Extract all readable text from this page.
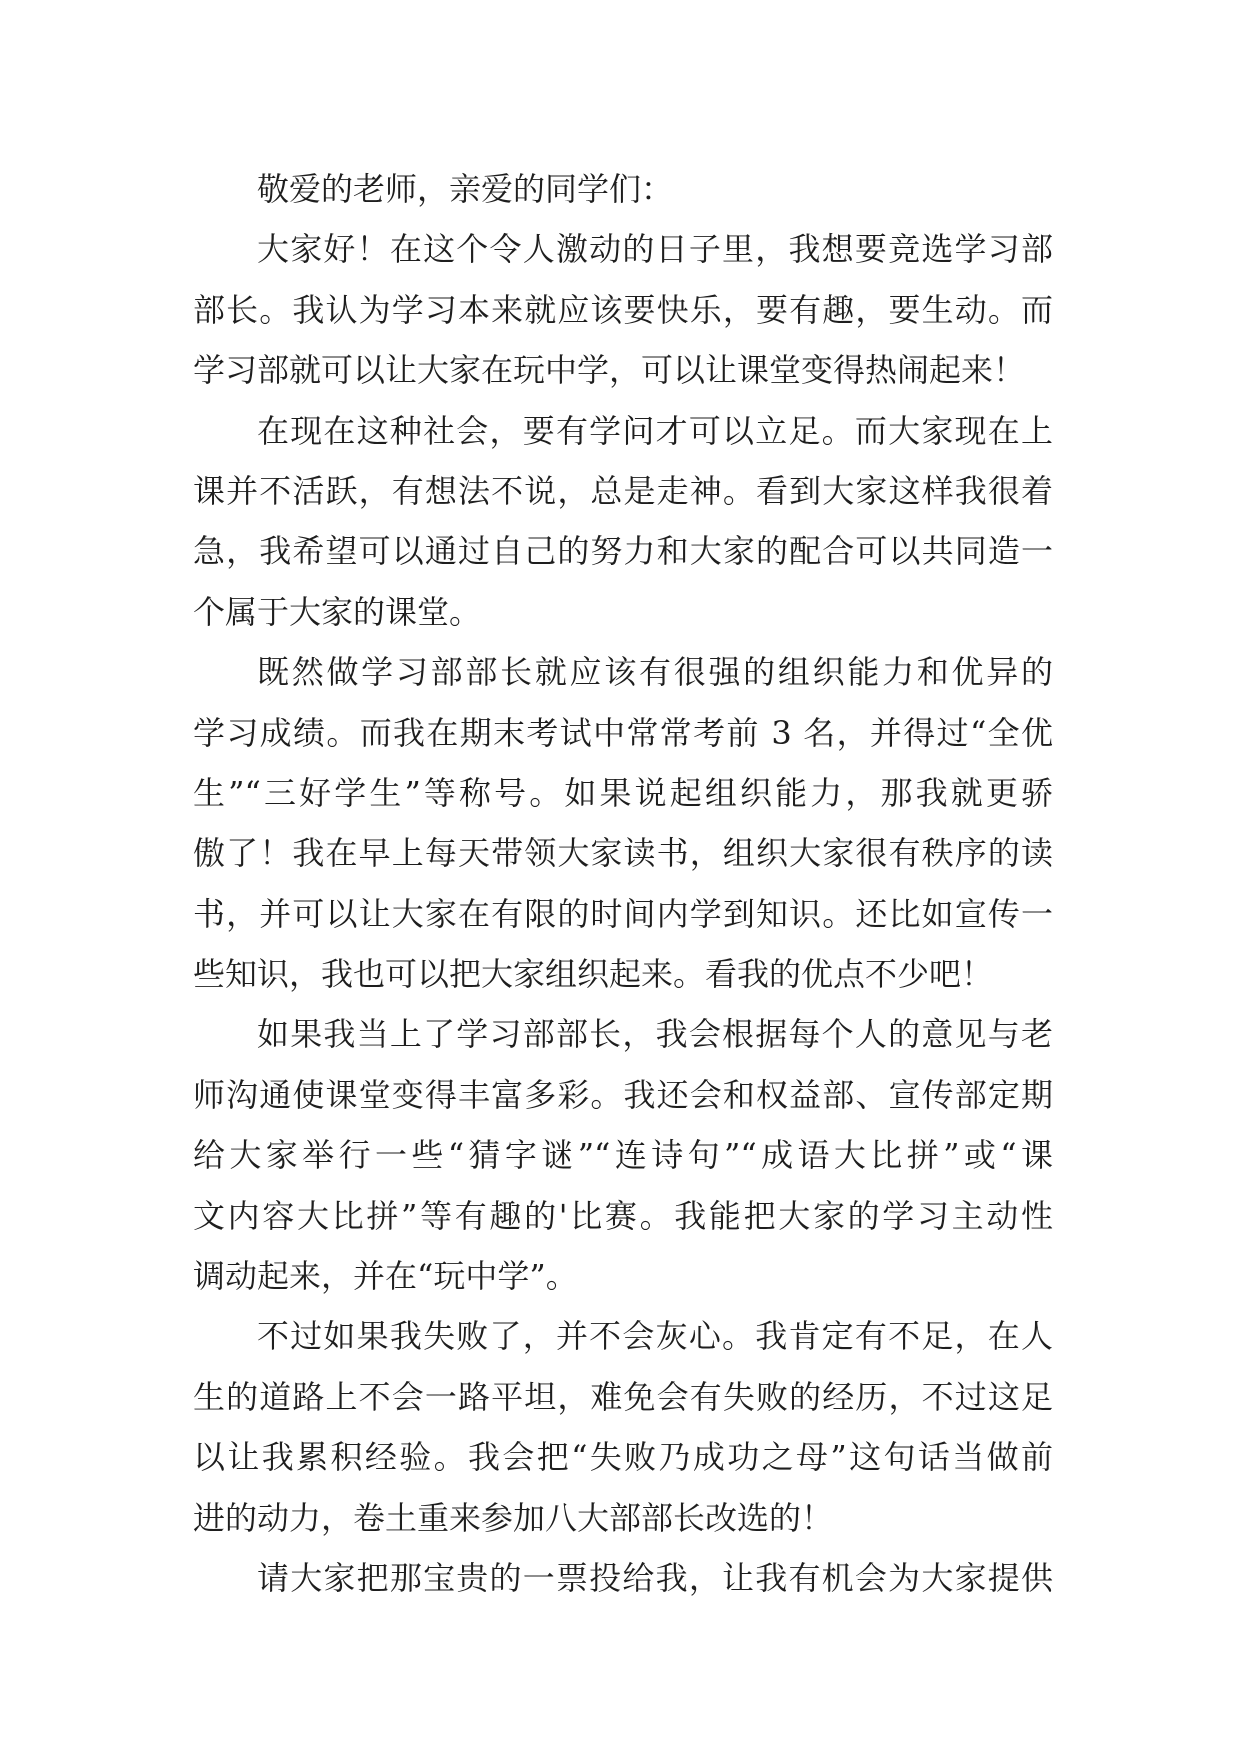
敬爱的老师，亲爱的同学们：
大家好！在这个令人激动的日子里，我想要竞选学习部
部长。我认为学习本来就应该要快乐，要有趣，要生动。而
学习部就可以让大家在玩中学，可以让课堂变得热闹起来！
在现在这种社会，要有学问才可以立足。而大家现在上
课并不活跃，有想法不说，总是走神。看到大家这样我很着
急，我希望可以通过自己的努力和大家的配合可以共同造一
个属于大家的课堂。
既然做学习部部长就应该有很强的组织能力和优异的
学习成绩。而我在期末考试中常常考前 3 名，并得过“全优
生”“三好学生”等称号。如果说起组织能力，那我就更骄
傲了！我在早上每天带领大家读书，组织大家很有秩序的读
书，并可以让大家在有限的时间内学到知识。还比如宣传一
些知识，我也可以把大家组织起来。看我的优点不少吧！
如果我当上了学习部部长，我会根据每个人的意见与老
师沟通使课堂变得丰富多彩。我还会和权益部、宣传部定期
给大家举行一些“猜字谜”“连诗句”“成语大比拼”或“课
文内容大比拼”等有趣的'比赛。我能把大家的学习主动性
调动起来，并在“玩中学”。
不过如果我失败了，并不会灰心。我肯定有不足，在人
生的道路上不会一路平坦，难免会有失败的经历，不过这足
以让我累积经验。我会把“失败乃成功之母”这句话当做前
进的动力，卷土重来参加八大部部长改选的！
请大家把那宝贵的一票投给我，让我有机会为大家提供
